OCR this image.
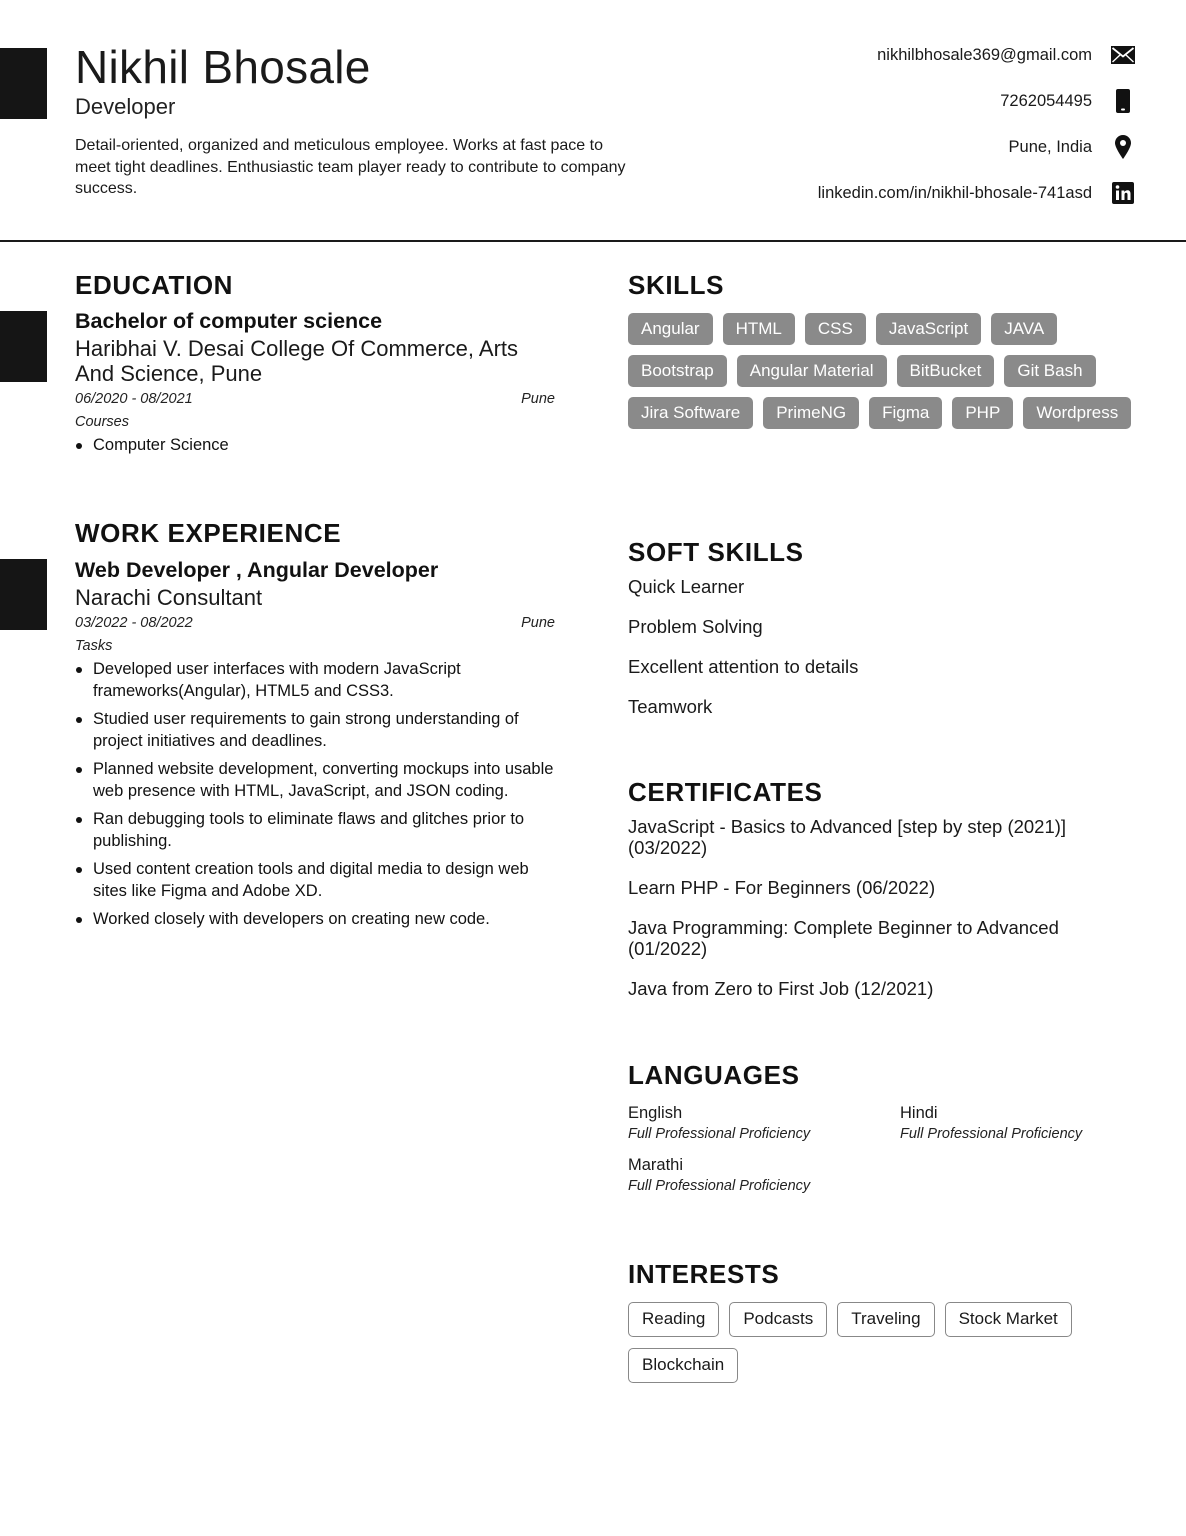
Nikhil Bhosale
Developer
Detail-oriented, organized and meticulous employee. Works at fast pace to meet tight deadlines. Enthusiastic team player ready to contribute to company success.
nikhilbhosale369@gmail.com
7262054495
Pune, India
linkedin.com/in/nikhil-bhosale-741asd
EDUCATION
Bachelor of computer science
Haribhai V. Desai College Of Commerce, Arts And Science, Pune
06/2020 - 08/2021	Pune
Courses
Computer Science
WORK EXPERIENCE
Web Developer , Angular Developer
Narachi Consultant
03/2022 - 08/2022	Pune
Tasks
Developed user interfaces with modern JavaScript frameworks(Angular), HTML5 and CSS3.
Studied user requirements to gain strong understanding of project initiatives and deadlines.
Planned website development, converting mockups into usable web presence with HTML, JavaScript, and JSON coding.
Ran debugging tools to eliminate flaws and glitches prior to publishing.
Used content creation tools and digital media to design web sites like Figma and Adobe XD.
Worked closely with developers on creating new code.
SKILLS
Angular	HTML	CSS	JavaScript	JAVA
Bootstrap	Angular Material	BitBucket	Git Bash
Jira Software	PrimeNG	Figma	PHP	Wordpress
SOFT SKILLS
Quick Learner
Problem Solving
Excellent attention to details
Teamwork
CERTIFICATES
JavaScript - Basics to Advanced [step by step (2021)] (03/2022)
Learn PHP - For Beginners (06/2022)
Java Programming: Complete Beginner to Advanced (01/2022)
Java from Zero to First Job (12/2021)
LANGUAGES
English
Full Professional Proficiency
Hindi
Full Professional Proficiency
Marathi
Full Professional Proficiency
INTERESTS
Reading	Podcasts	Traveling	Stock Market
Blockchain
